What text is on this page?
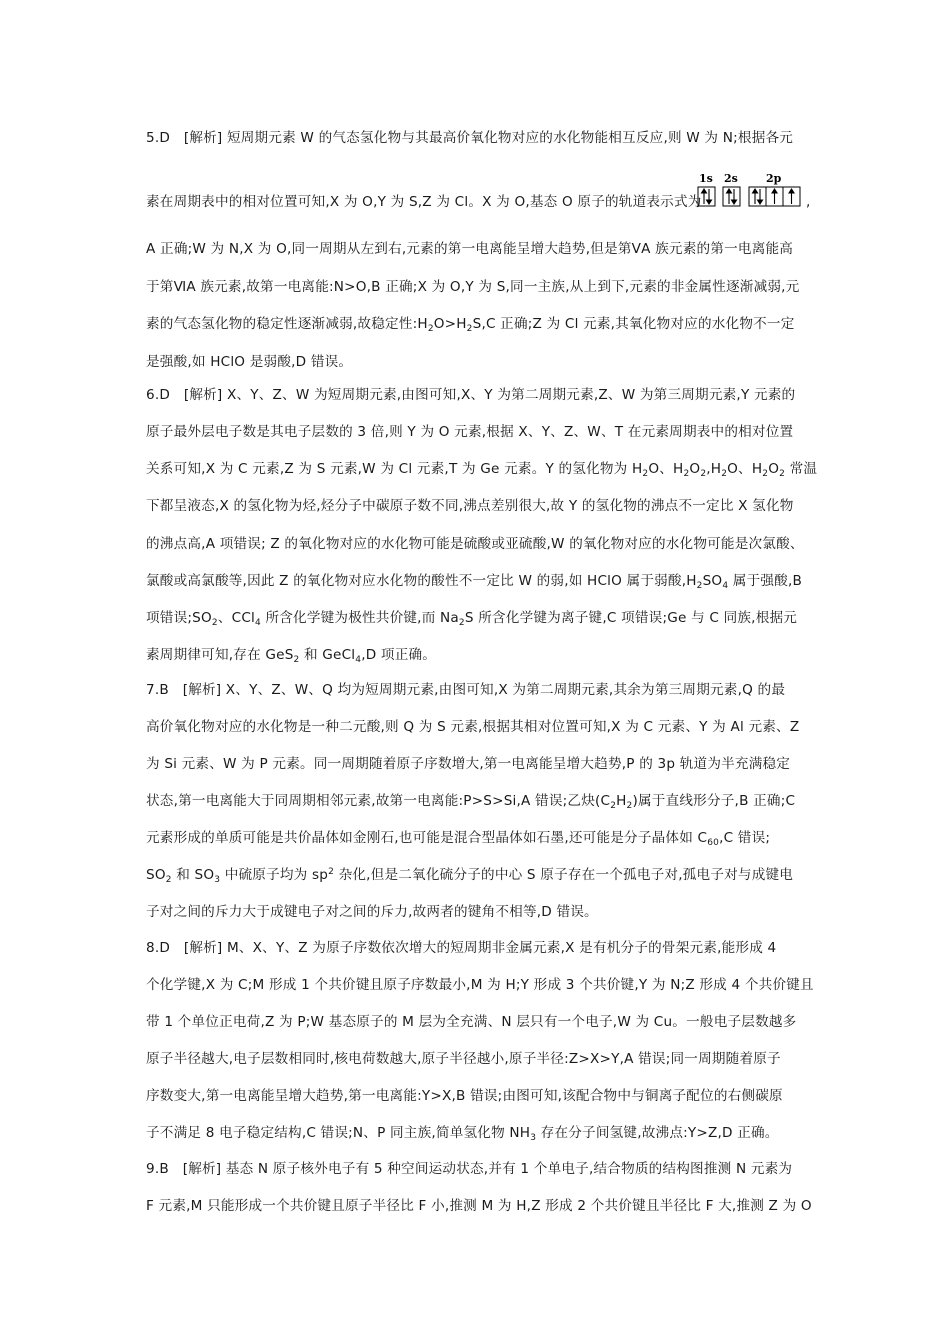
5.D　[解析] 短周期元素 W 的气态氢化物与其最高价氧化物对应的水化物能相互反应,则 W 为 N;根据各元
素在周期表中的相对位置可知,X 为 O,Y 为 S,Z 为 Cl。X 为 O,基态 O 原子的轨道表示式为
1s 2s	2p
,
A 正确;W 为 N,X 为 O,同一周期从左到右,元素的第一电离能呈增大趋势,但是第ⅤA 族元素的第一电离能高
于第ⅥA 族元素,故第一电离能:N>O,B 正确;X 为 O,Y 为 S,同一主族,从上到下,元素的非金属性逐渐减弱,元
素的气态氢化物的稳定性逐渐减弱,故稳定性$:H_2O>H_2S,C$ 正确;Z 为 Cl 元素,其氧化物对应的水化物不一定
是强酸,如 HClO 是弱酸,D 错误。
6.D　[解析] X、Y、Z、W 为短周期元素,由图可知,X、Y 为第二周期元素,Z、W 为第三周期元素,Y 元素的
原子最外层电子数是其电子层数的 3 倍,则 Y 为 O 元素,根据 X、Y、Z、W、T 在元素周期表中的相对位置
关系可知,X 为 C 元素,Z 为 S 元素,W 为 Cl 元素,T 为 Ge 元素。Y 的氢化物为 $H_2O$、$H_2O_2,H_2O$、$H_2O_2$ 常温
下都呈液态,X 的氢化物为烃,烃分子中碳原子数不同,沸点差别很大,故 Y 的氢化物的沸点不一定比 X 氢化物
的沸点高,A 项错误; Z 的氧化物对应的水化物可能是硫酸或亚硫酸,W 的氧化物对应的水化物可能是次氯酸、
氯酸或高氯酸等,因此 Z 的氧化物对应水化物的酸性不一定比 W 的弱,如 HClO 属于弱酸$,H_2SO_4$ 属于强酸,B
项错误$;SO_2$、CCl$_4$ 所含化学键为极性共价键,而 $Na_2S$ 所含化学键为离子键,C 项错误;Ge 与 C 同族,根据元
素周期律可知,存在 GeS$_2$ 和 GeCl$_4$,D 项正确。
7.B　[解析] X、Y、Z、W、Q 均为短周期元素,由图可知,X 为第二周期元素,其余为第三周期元素,Q 的最
高价氧化物对应的水化物是一种二元酸,则 Q 为 S 元素,根据其相对位置可知,X 为 C 元素、Y 为 Al 元素、Z
为 Si 元素、W 为 P 元素。同一周期随着原子序数增大,第一电离能呈增大趋势,P 的 3p 轨道为半充满稳定
状态,第一电离能大于同周期相邻元素,故第一电离能:P>S>Si,A 错误;乙炔$(C_2H_2)$属于直线形分子,B 正确;C
元素形成的单质可能是共价晶体如金刚石,也可能是混合型晶体如石墨,还可能是分子晶体如 $C_{60},C$ 错误;
$SO_2$ 和 $SO_3$ 中硫原子均为 $sp^2$ 杂化,但是二氧化硫分子的中心 S 原子存在一个孤电子对,孤电子对与成键电
子对之间的斥力大于成键电子对之间的斥力,故两者的键角不相等,D 错误。
8.D　[解析] M、X、Y、Z 为原子序数依次增大的短周期非金属元素,X 是有机分子的骨架元素,能形成 4
个化学键,X 为 C;M 形成 1 个共价键且原子序数最小,M 为 H;Y 形成 3 个共价键,Y 为 N;Z 形成 4 个共价键且
带 1 个单位正电荷,Z 为 P;W 基态原子的 M 层为全充满、N 层只有一个电子,W 为 Cu。一般电子层数越多
原子半径越大,电子层数相同时,核电荷数越大,原子半径越小,原子半径:Z>X>Y,A 错误;同一周期随着原子
序数变大,第一电离能呈增大趋势,第一电离能:Y>X,B 错误;由图可知,该配合物中与铜离子配位的右侧碳原
子不满足 8 电子稳定结构,C 错误;N、P 同主族,简单氢化物 $NH_3$ 存在分子间氢键,故沸点:Y>Z,D 正确。
9.B　[解析] 基态 N 原子核外电子有 5 种空间运动状态,并有 1 个单电子,结合物质的结构图推测 N 元素为
F 元素,M 只能形成一个共价键且原子半径比 F 小,推测 M 为 H,Z 形成 2 个共价键且半径比 F 大,推测 Z 为 O
